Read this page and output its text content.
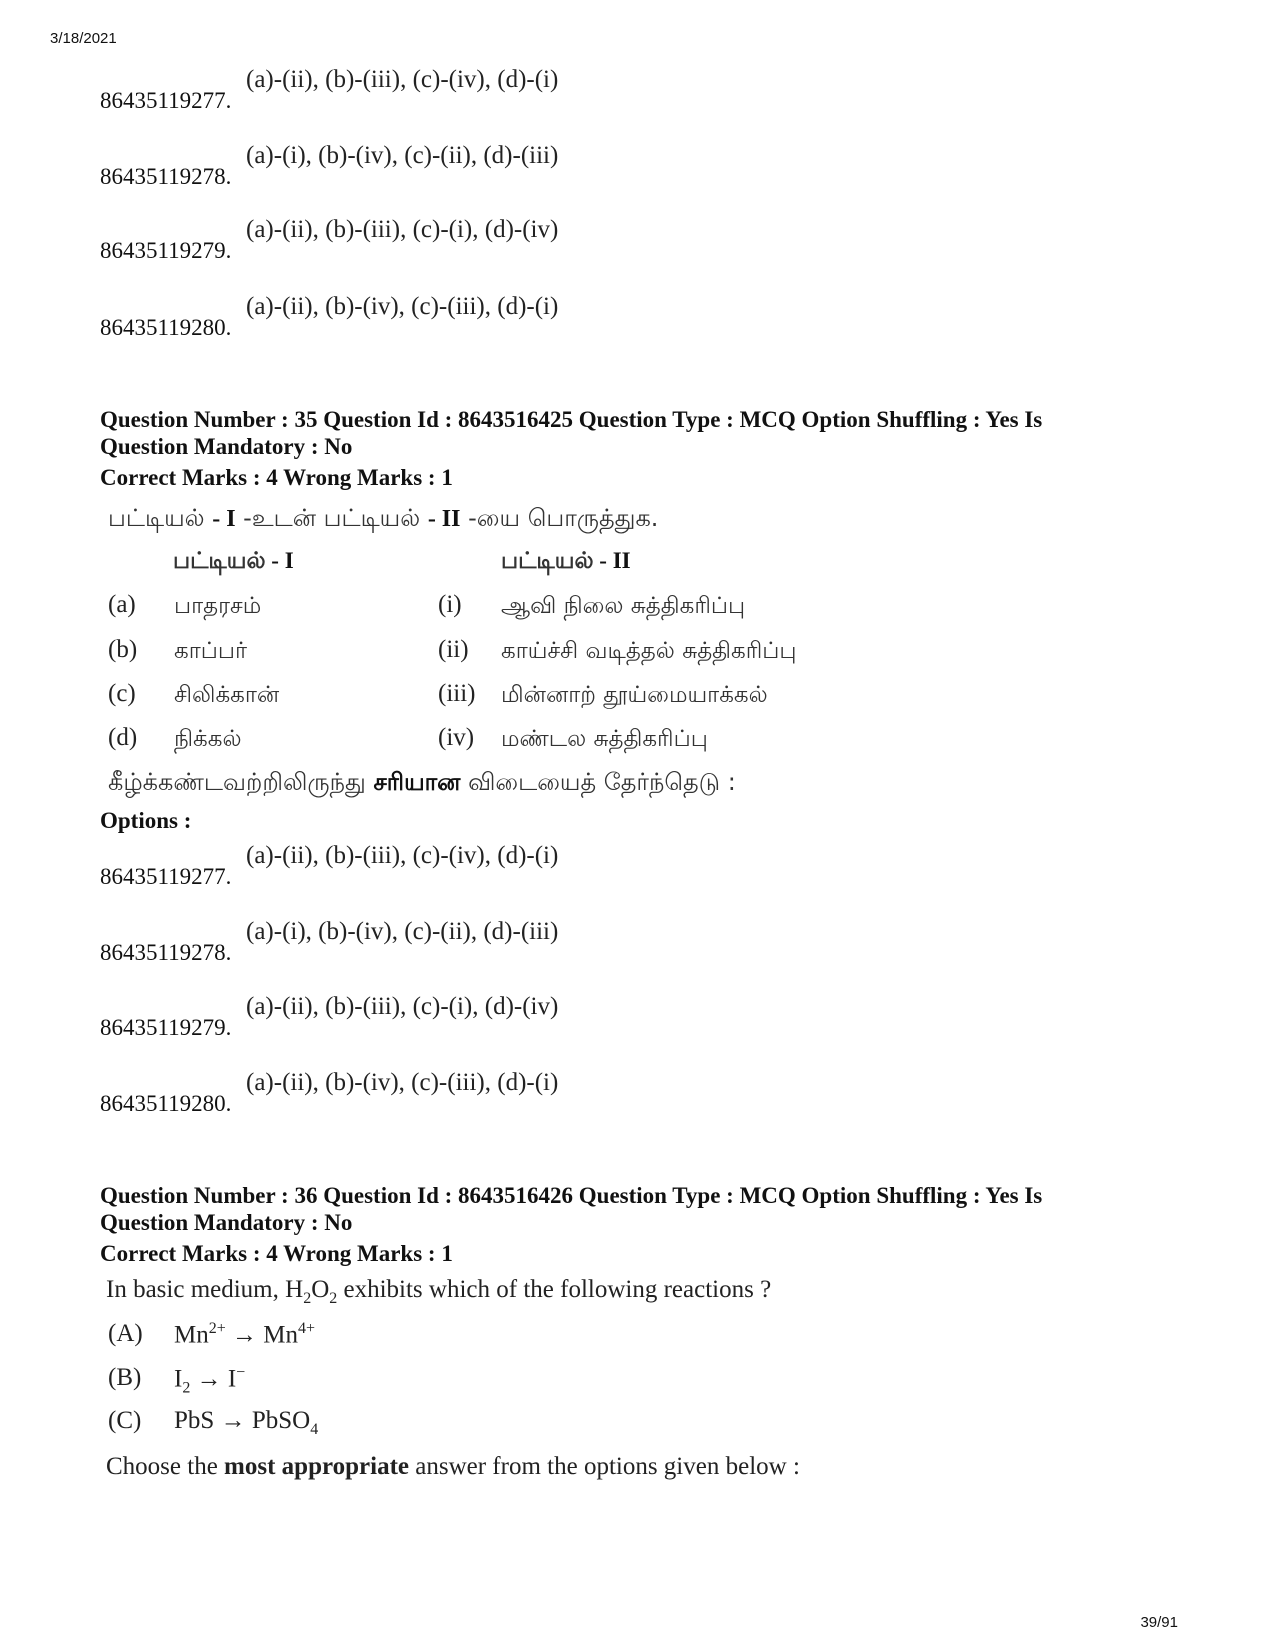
3/18/2021
86435119277.
(a)-(ii), (b)-(iii), (c)-(iv), (d)-(i)
86435119278.
(a)-(i), (b)-(iv), (c)-(ii), (d)-(iii)
86435119279.
(a)-(ii), (b)-(iii), (c)-(i), (d)-(iv)
86435119280.
(a)-(ii), (b)-(iv), (c)-(iii), (d)-(i)
Question Number : 35 Question Id : 8643516425 Question Type : MCQ Option Shuffling : Yes Is
Question Mandatory : No
Correct Marks : 4 Wrong Marks : 1
பட்டியல் - I -உடன் பட்டியல் - II -யை பொருத்துக.
பட்டியல் - I	பட்டியல் - II
(a) பாதரசம்	(i) ஆவி நிலை சுத்திகரிப்பு
(b) காப்பர்	(ii) காய்ச்சி வடித்தல் சுத்திகரிப்பு
(c) சிலிக்கான்	(iii) மின்னாற் தூய்மையாக்கல்
(d) நிக்கல்	(iv) மண்டல சுத்திகரிப்பு
கீழ்க்கண்டவற்றிலிருந்து சரியான விடையைத் தேர்ந்தெடு :
Options :
86435119277.
(a)-(ii), (b)-(iii), (c)-(iv), (d)-(i)
86435119278.
(a)-(i), (b)-(iv), (c)-(ii), (d)-(iii)
86435119279.
(a)-(ii), (b)-(iii), (c)-(i), (d)-(iv)
86435119280.
(a)-(ii), (b)-(iv), (c)-(iii), (d)-(i)
Question Number : 36 Question Id : 8643516426 Question Type : MCQ Option Shuffling : Yes Is
Question Mandatory : No
Correct Marks : 4 Wrong Marks : 1
In basic medium, $H_2O_2$ exhibits which of the following reactions ?
(A) $Mn^{2+} \to Mn^{4+}$
(B) $I_2 \to I^-$
(C) PbS → PbSO$_4$
Choose the most appropriate answer from the options given below :
39/91
